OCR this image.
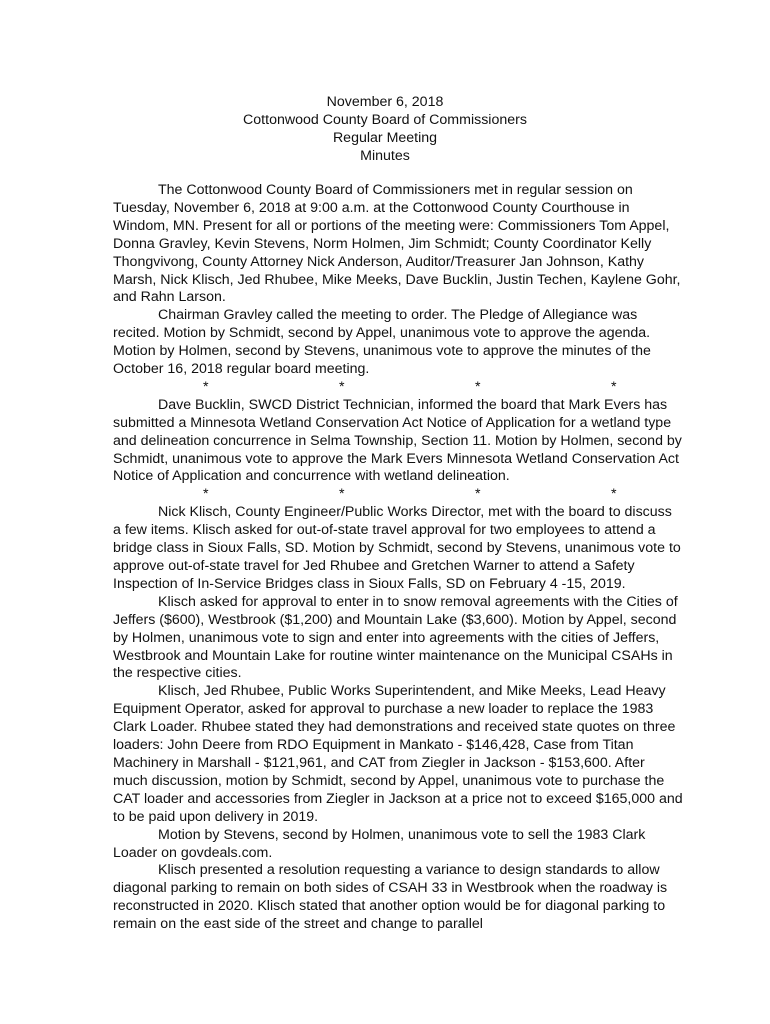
November 6, 2018
Cottonwood County Board of Commissioners
Regular Meeting
Minutes

The Cottonwood County Board of Commissioners met in regular session on Tuesday, November 6, 2018 at 9:00 a.m. at the Cottonwood County Courthouse in Windom, MN. Present for all or portions of the meeting were: Commissioners Tom Appel, Donna Gravley, Kevin Stevens, Norm Holmen, Jim Schmidt; County Coordinator Kelly Thongvivong, County Attorney Nick Anderson, Auditor/Treasurer Jan Johnson, Kathy Marsh, Nick Klisch, Jed Rhubee, Mike Meeks, Dave Bucklin, Justin Techen, Kaylene Gohr, and Rahn Larson.

Chairman Gravley called the meeting to order. The Pledge of Allegiance was recited. Motion by Schmidt, second by Appel, unanimous vote to approve the agenda. Motion by Holmen, second by Stevens, unanimous vote to approve the minutes of the October 16, 2018 regular board meeting.

*	*	*	*

Dave Bucklin, SWCD District Technician, informed the board that Mark Evers has submitted a Minnesota Wetland Conservation Act Notice of Application for a wetland type and delineation concurrence in Selma Township, Section 11. Motion by Holmen, second by Schmidt, unanimous vote to approve the Mark Evers Minnesota Wetland Conservation Act Notice of Application and concurrence with wetland delineation.

*	*	*	*

Nick Klisch, County Engineer/Public Works Director, met with the board to discuss a few items. Klisch asked for out-of-state travel approval for two employees to attend a bridge class in Sioux Falls, SD. Motion by Schmidt, second by Stevens, unanimous vote to approve out-of-state travel for Jed Rhubee and Gretchen Warner to attend a Safety Inspection of In-Service Bridges class in Sioux Falls, SD on February 4 -15, 2019.

Klisch asked for approval to enter in to snow removal agreements with the Cities of Jeffers ($600), Westbrook ($1,200) and Mountain Lake ($3,600). Motion by Appel, second by Holmen, unanimous vote to sign and enter into agreements with the cities of Jeffers, Westbrook and Mountain Lake for routine winter maintenance on the Municipal CSAHs in the respective cities.

Klisch, Jed Rhubee, Public Works Superintendent, and Mike Meeks, Lead Heavy Equipment Operator, asked for approval to purchase a new loader to replace the 1983 Clark Loader. Rhubee stated they had demonstrations and received state quotes on three loaders: John Deere from RDO Equipment in Mankato - $146,428, Case from Titan Machinery in Marshall - $121,961, and CAT from Ziegler in Jackson - $153,600. After much discussion, motion by Schmidt, second by Appel, unanimous vote to purchase the CAT loader and accessories from Ziegler in Jackson at a price not to exceed $165,000 and to be paid upon delivery in 2019.

Motion by Stevens, second by Holmen, unanimous vote to sell the 1983 Clark Loader on govdeals.com.

Klisch presented a resolution requesting a variance to design standards to allow diagonal parking to remain on both sides of CSAH 33 in Westbrook when the roadway is reconstructed in 2020. Klisch stated that another option would be for diagonal parking to remain on the east side of the street and change to parallel
